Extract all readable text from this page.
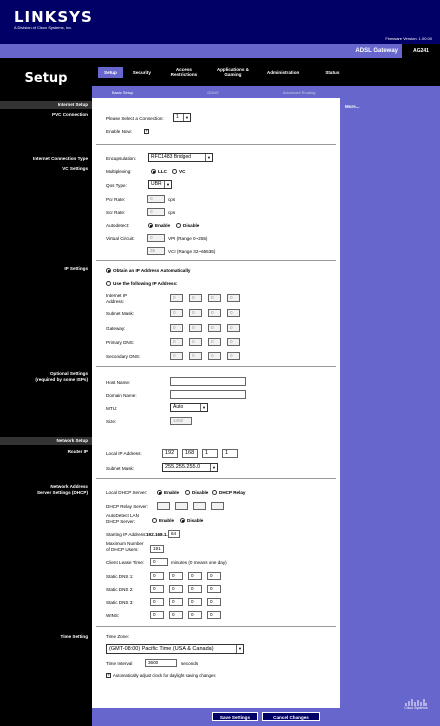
LINKSYS
A Division of Cisco Systems, Inc.
Firmware Version: 1.00.00
ADSL Gateway	AG241
Setup	Setup	Security	Access Restrictions
Applications & Gaming	Administration	Status
Basic Setup	DDNS	Advanced Routing
More...
Cisco Systems
Internet Setup
Network Setup
PVC Connection
Internet Connection Type
VC Settings
IP Settings
Optional Settings
(required by some ISPs)
Router IP
Network Address
Server Settings (DHCP)
Time Setting
Please Select a Connection:	1	▼
Enable Now:	✓
Encapsulation:	RFC1483 Bridged	▼
Multiplexing:	LLC	VC
Qos Type:	UBR	▼
Pcr Rate:	0	cps
Scr Rate:	0	cps
Autodetect:	Enable	Disable
Virtual Circuit:	0	VPI (Range 0~255)
35	VCI (Range 32~65535)
Obtain an IP Address Automatically
Use the following IP Address:
Internet IP Address:
0	0	0	0
Subnet Mask:	0	0	0	0
Gateway:	0	0	0	0
Primary DNS:	0	0	0	0
Secondary DNS:	0	0	0	0
Host Name:
Domain Name:
MTU:	Auto	▼
Size:	1492
Local IP Address:	192	168	1	1
Subnet Mask:	255.255.255.0	▼
Local DHCP Server:	Enable	Disable DHCP Relay
DHCP Relay Server:
AutoDetect LAN DHCP Server:	Enable	Disable
Starting IP Address: 192.168.1. 64
Maximum Number of DHCP Users:	191
Client Lease Time:	0	minutes (0 means one day)
Static DNS 1:	0	0	0	0
Static DNS 2:	0	0	0	0
Static DNS 3:	0	0	0	0
WINS:	0	0	0	0
Time Zone:
(GMT-08:00) Pacific Time (USA & Canada)	▼
Time Interval	3600	seconds
✓ Automatically adjust clock for daylight saving changes
Save Settings	Cancel Changes
